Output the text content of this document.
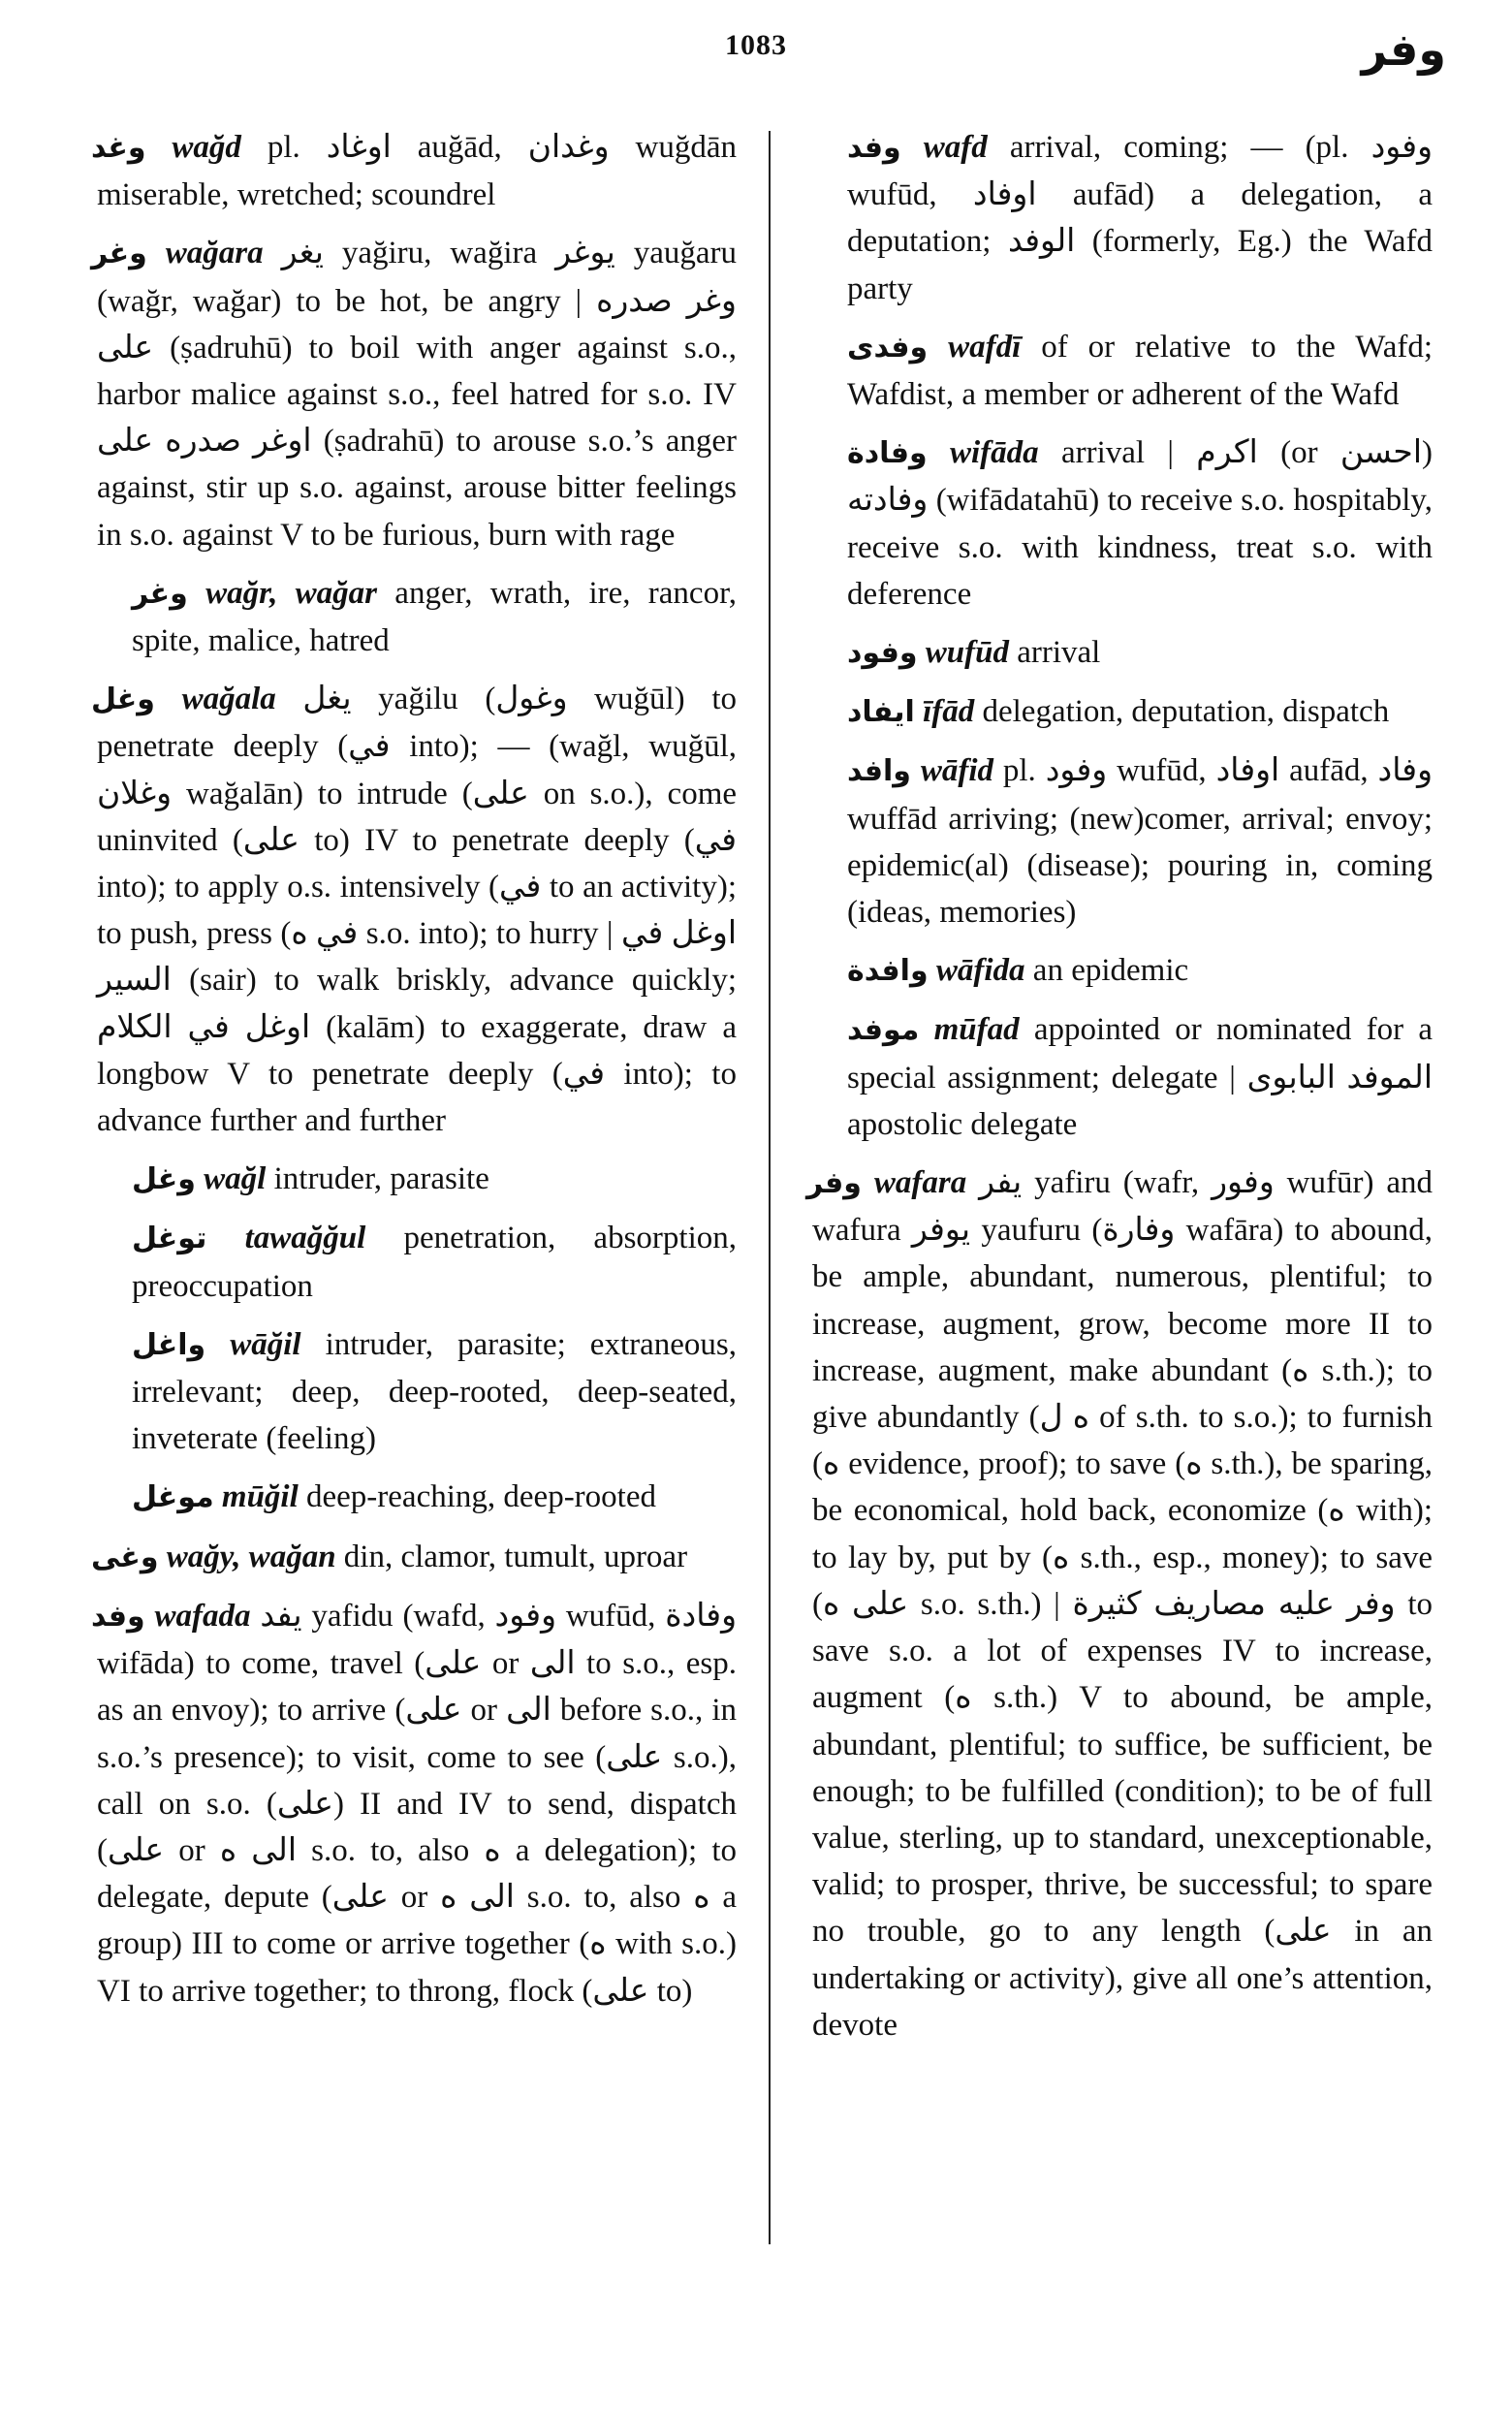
1083	وفر

وغد wağd pl. اوغاد auğād, وغدان wuğdān miserable, wretched; scoundrel

وغر wağara يغر yağiru, wağira يوغر yauğaru (wağr, wağar) to be hot, be angry | وغر صدره على (ṣadruhū) to boil with anger against s.o., harbor malice against s.o., feel hatred for s.o. IV اوغر صدره على (ṣadrahū) to arouse s.o.’s anger against, stir up s.o. against, arouse bitter feelings in s.o. against V to be furious, burn with rage

وغر wağr, wağar anger, wrath, ire, rancor, spite, malice, hatred

وغل wağala يغل yağilu (وغول wuğūl) to penetrate deeply (في into); — (wağl, wuğūl, وغلان wağalān) to intrude (على on s.o.), come uninvited (على to) IV to penetrate deeply (في into); to apply o.s. intensively (في to an activity); to push, press (في ه s.o. into); to hurry | اوغل في السير (sair) to walk briskly, advance quickly; اوغل في الكلام (kalām) to exaggerate, draw a longbow V to penetrate deeply (في into); to advance further and further

وغل wağl intruder, parasite

توغل tawağğul penetration, absorption, preoccupation

واغل wāğil intruder, parasite; extraneous, irrelevant; deep, deep-rooted, deep-seated, inveterate (feeling)

موغل mūğil deep-reaching, deep-rooted

وغى wağy, wağan din, clamor, tumult, uproar

وفد wafada يفد yafidu (wafd, وفود wufūd, وفادة wifāda) to come, travel (على or الى to s.o., esp. as an envoy); to arrive (على or الى before s.o., in s.o.’s presence); to visit, come to see (على s.o.), call on s.o. (على) II and IV to send, dispatch (على or الى ه s.o. to, also ه a delegation); to delegate, depute (على or الى ه s.o. to, also ه a group) III to come or arrive together (ه with s.o.) VI to arrive together; to throng, flock (على to)

وفد wafd arrival, coming; — (pl. وفود wufūd, اوفاد aufād) a delegation, a deputation; الوفد (formerly, Eg.) the Wafd party

وفدى wafdī of or relative to the Wafd; Wafdist, a member or adherent of the Wafd

وفادة wifāda arrival | اكرم (or احسن) وفادته (wifādatahū) to receive s.o. hospitably, receive s.o. with kindness, treat s.o. with deference

وفود wufūd arrival

ايفاد īfād delegation, deputation, dispatch

وافد wāfid pl. وفود wufūd, اوفاد aufād, وفاد wuffād arriving; (new)comer, arrival; envoy; epidemic(al) (disease); pouring in, coming (ideas, memories)

وافدة wāfida an epidemic

موفد mūfad appointed or nominated for a special assignment; delegate | الموفد البابوى apostolic delegate

وفر wafara يفر yafiru (wafr, وفور wufūr) and wafura يوفر yaufuru (وفارة wafāra) to abound, be ample, abundant, numerous, plentiful; to increase, augment, grow, become more II to increase, augment, make abundant (ه s.th.); to give abundantly (ه ل of s.th. to s.o.); to furnish (ه evidence, proof); to save (ه s.th.), be sparing, be economical, hold back, economize (ه with); to lay by, put by (ه s.th., esp., money); to save (على ه s.o. s.th.) | وفر عليه مصاريف كثيرة to save s.o. a lot of expenses IV to increase, augment (ه s.th.) V to abound, be ample, abundant, plentiful; to suffice, be sufficient, be enough; to be fulfilled (condition); to be of full value, sterling, up to standard, unexceptionable, valid; to prosper, thrive, be successful; to spare no trouble, go to any length (على in an undertaking or activity), give all one’s attention, devote
